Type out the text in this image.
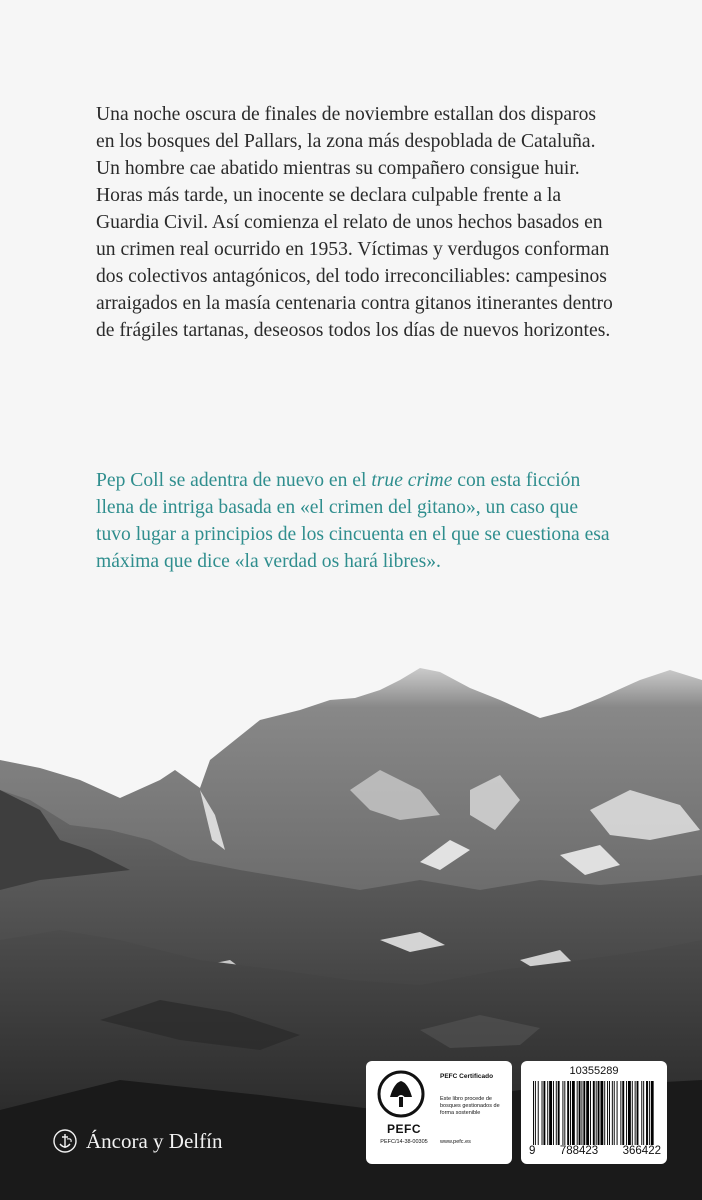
Una noche oscura de finales de noviembre estallan dos disparos en los bosques del Pallars, la zona más despoblada de Cataluña. Un hombre cae abatido mientras su compañero consigue huir. Horas más tarde, un inocente se declara culpable frente a la Guardia Civil. Así comienza el relato de unos hechos basados en un crimen real ocurrido en 1953. Víctimas y verdugos conforman dos colectivos antagónicos, del todo irreconciliables: campesinos arraigados en la masía centenaria contra gitanos itinerantes dentro de frágiles tartanas, deseosos todos los días de nuevos horizontes.

Pep Coll se adentra de nuevo en el true crime con esta ficción llena de intriga basada en «el crimen del gitano», un caso que tuvo lugar a principios de los cincuenta en el que se cuestiona esa máxima que dice «la verdad os hará libres».

Áncora y Delfín	PEFC
PEFC/14-38-00305
PEFC Certificado
Este libro procede de bosques gestionados de forma sostenible
www.pefc.es
10355289
9 788423 366422
